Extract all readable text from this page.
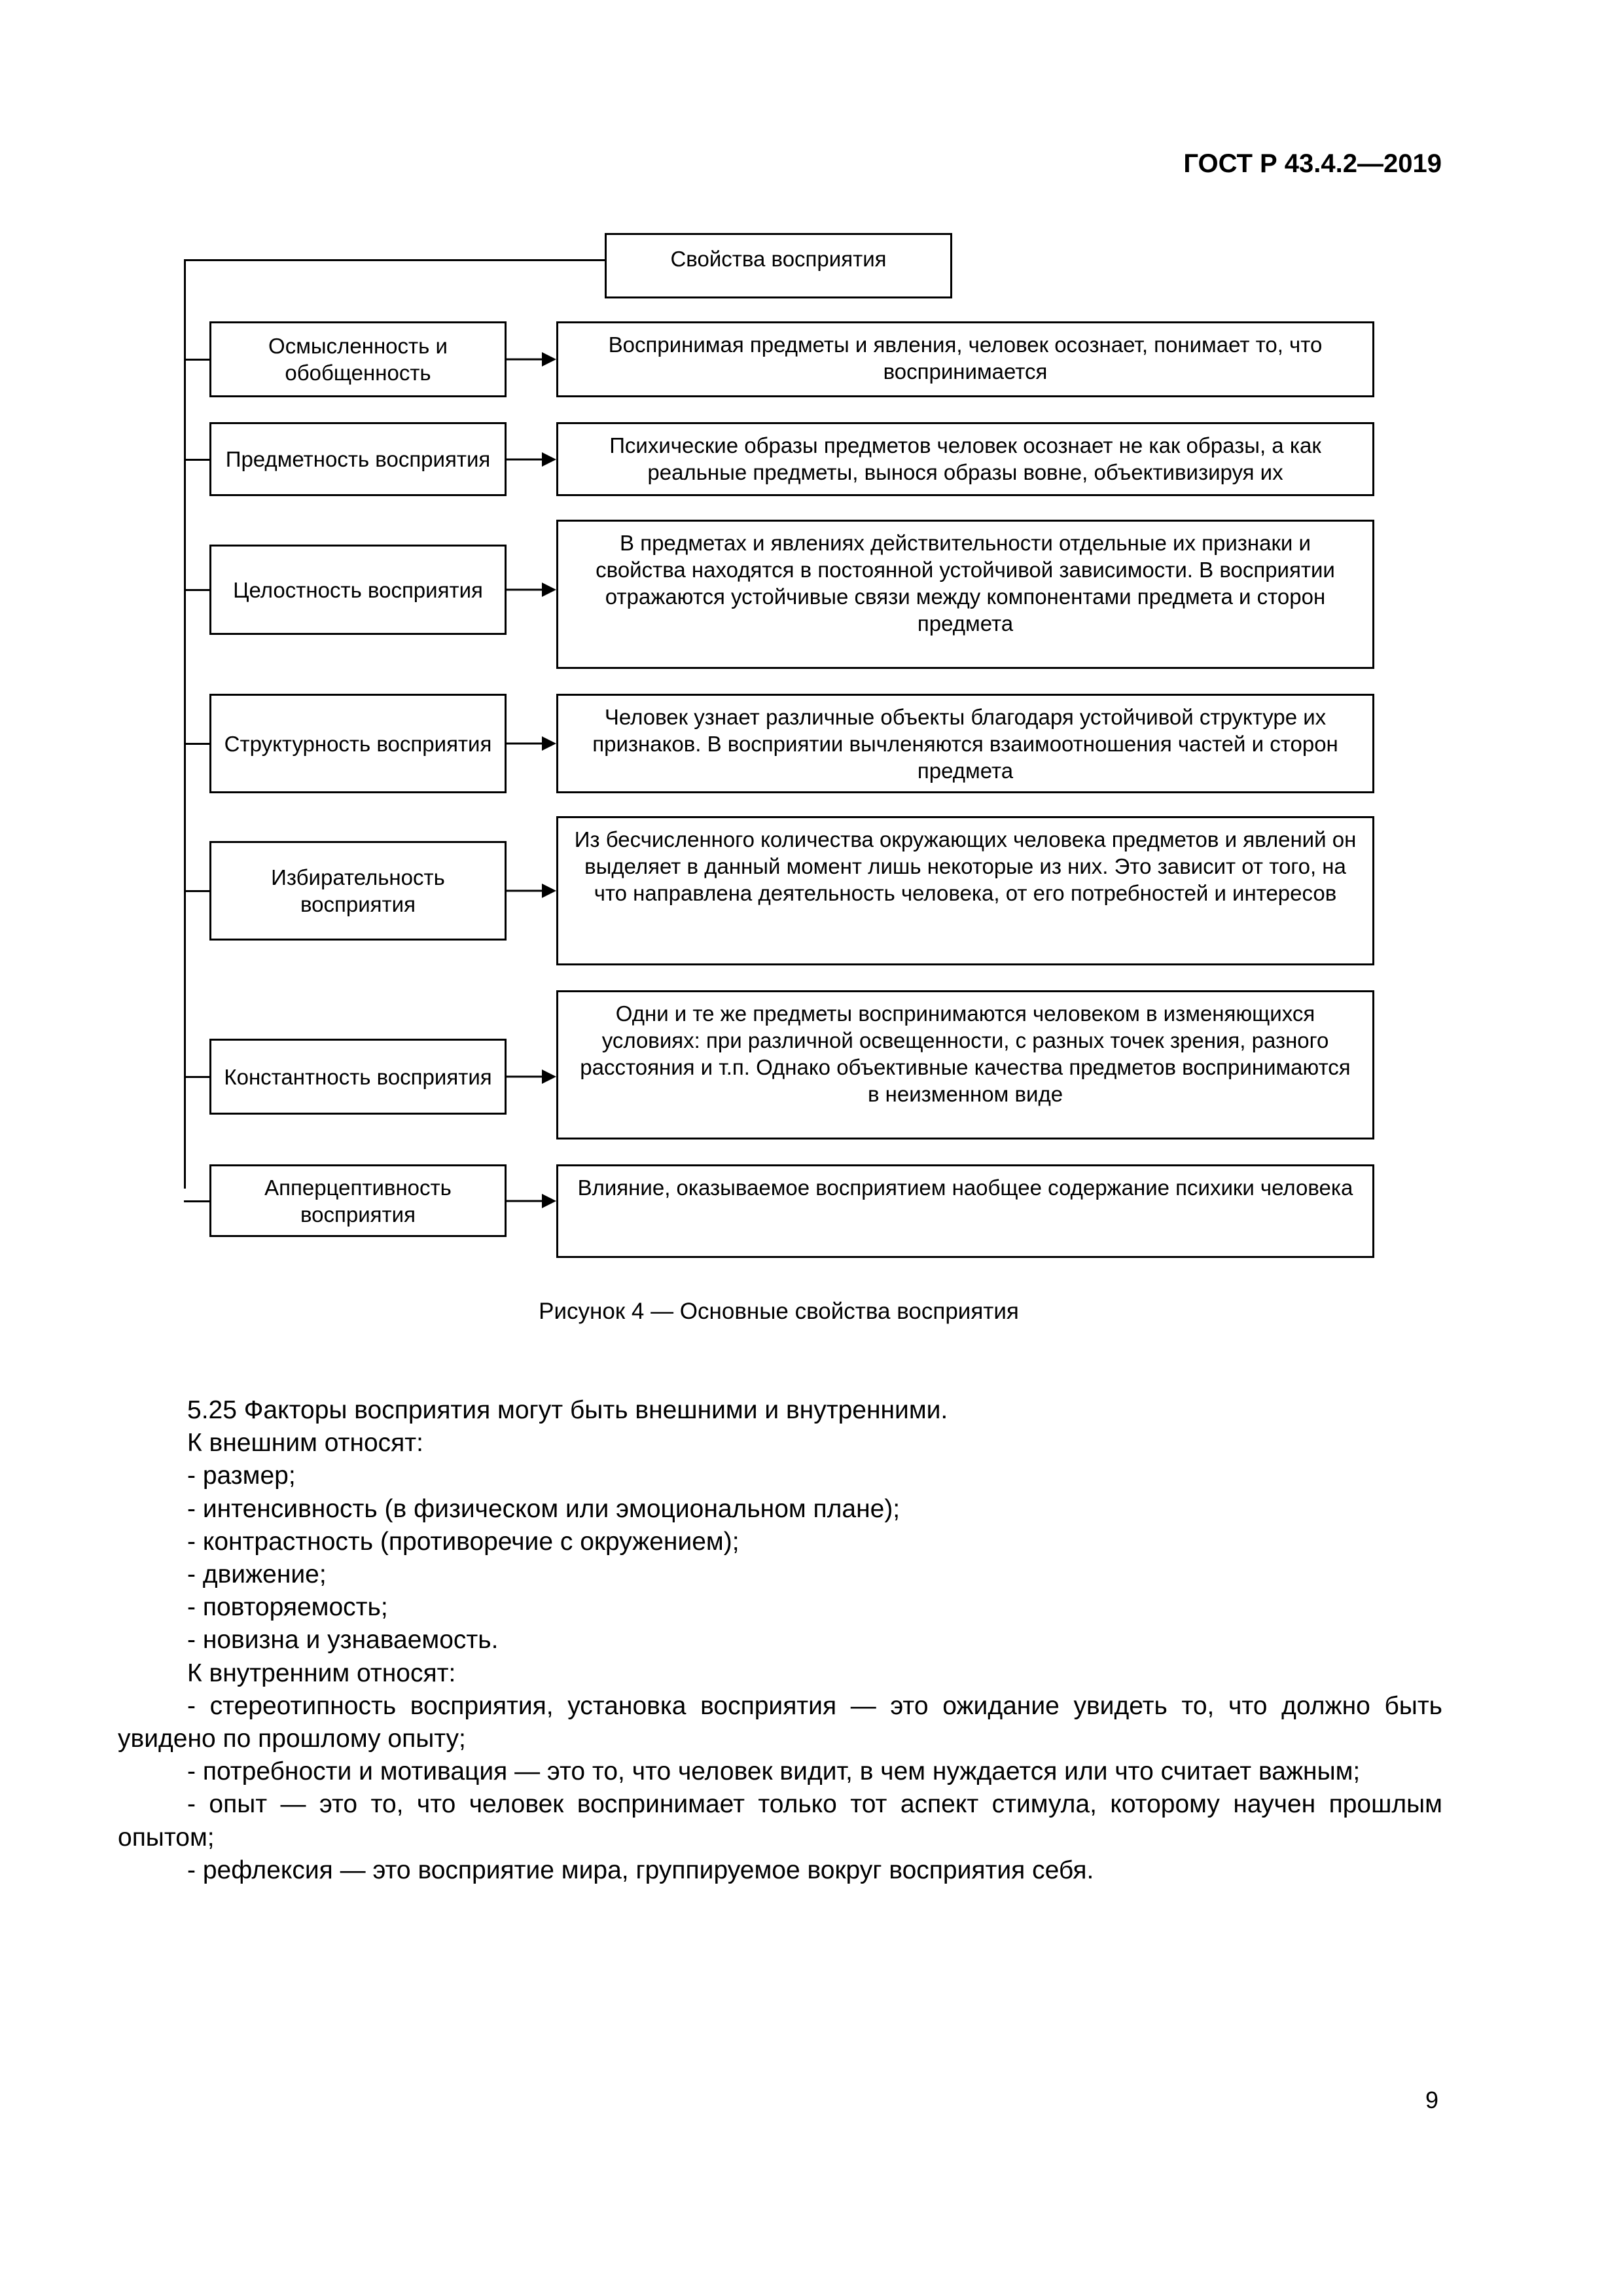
ГОСТ Р 43.4.2—2019
Свойства восприятия
Осмысленность и обобщенность
Воспринимая предметы и явления, человек осознает, понимает то, что воспринимается
Предметность восприятия
Психические образы предметов человек осознает не как образы, а как реальные предметы, вынося образы вовне, объективизируя их
Целостность восприятия
В предметах и явлениях действительности отдельные их признаки и свойства находятся в постоянной устойчивой зависимости. В восприятии отражаются устойчивые связи между компонентами предмета и сторон предмета
Структурность восприятия
Человек узнает различные объекты благодаря устойчивой структуре их признаков. В восприятии вычленяются взаимоотношения частей и сторон предмета
Избирательность восприятия
Из бесчисленного количества окружающих человека предметов и явлений он выделяет в данный момент лишь некоторые из них. Это зависит от того, на что направлена деятельность человека, от его потребностей и интересов
Константность восприятия
Одни и те же предметы воспринимаются человеком в изменяющихся условиях: при различной освещенности, с разных точек зрения, разного расстояния и т.п. Однако объективные качества предметов воспринимаются в неизменном виде
Апперцептивность восприятия
Влияние, оказываемое восприятием наобщее содержание психики человека
Рисунок 4 — Основные свойства восприятия

5.25 Факторы восприятия могут быть внешними и внутренними.

К внешним относят:

- размер;

- интенсивность (в физическом или эмоциональном плане);

- контрастность (противоречие с окружением);

- движение;

- повторяемость;

- новизна и узнаваемость.

К внутренним относят:

- стереотипность восприятия, установка восприятия — это ожидание увидеть то, что должно быть увидено по прошлому опыту;

- потребности и мотивация — это то, что человек видит, в чем нуждается или что считает важным;

- опыт — это то, что человек воспринимает только тот аспект стимула, которому научен прошлым опытом;

- рефлексия — это восприятие мира, группируемое вокруг восприятия себя.

9
